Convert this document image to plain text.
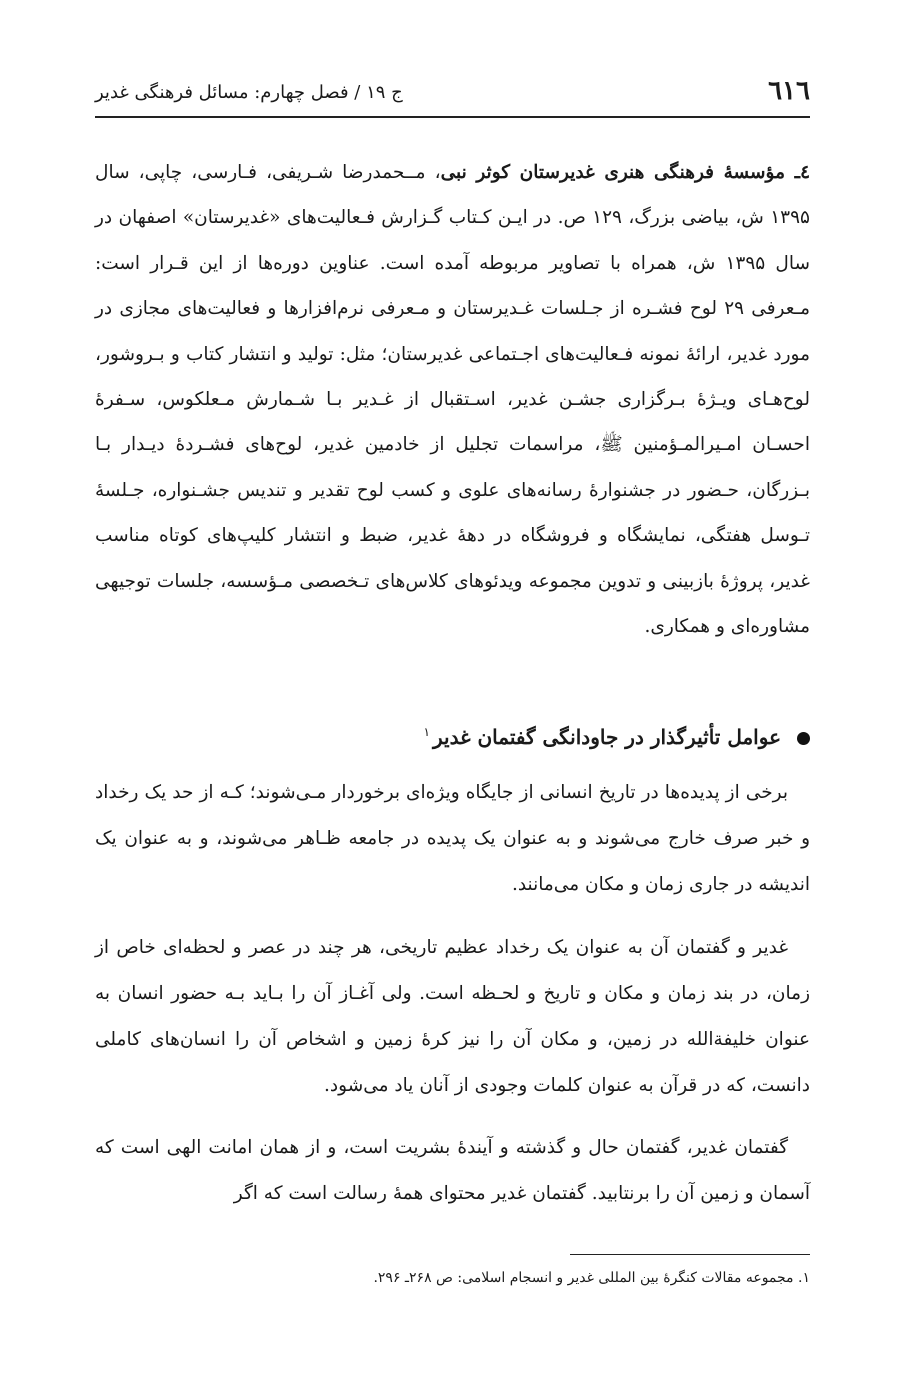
٦١٦
ج ۱۹ / فصل چهارم: مسائل فرهنگی غدیر

٤ـ مؤسسهٔ فرهنگی هنری غدیرستان کوثر نبی، مــحمدرضا شـریفی، فـارسی، چاپی، سال ۱۳۹۵ ش، بیاضی بزرگ، ۱۲۹ ص. در ایـن کـتاب گـزارش فـعالیت‌های «غدیرستان» اصفهان در سال ۱۳۹۵ ش، همراه با تصاویر مربوطه آمده است. عناوین دوره‌ها از این قـرار است: مـعرفی ۲۹ لوح فشـره از جـلسات غـدیرستان و مـعرفی نرم‌افزارها و فعالیت‌های مجازی در مورد غدیر، ارائهٔ نمونه فـعالیت‌های اجـتماعی غدیرستان؛ مثل: تولید و انتشار کتاب و بـروشور، لوح‌هـای ویـژهٔ بـرگزاری جشـن غدیر، اسـتقبال از غـدیر بـا شـمارش مـعلکوس، سـفرهٔ احسـان امـیرالمـؤمنین ﷺ، مراسمات تجلیل از خادمین غدیر، لوح‌های فشـردهٔ دیـدار بـا بـزرگان، حـضور در جشنوارهٔ رسانه‌های علوی و کسب لوح تقدیر و تندیس جشـنواره، جـلسهٔ تـوسل هفتگی، نمایشگاه و فروشگاه در دههٔ غدیر، ضبط و انتشار کلیپ‌های کوتاه مناسب غدیر، پروژهٔ بازبینی و تدوین مجموعه ویدئوهای کلاس‌های تـخصصی مـؤسسه، جلسات توجیهی مشاوره‌ای و همکاری.

عوامل تأثیرگذار در جاودانگی گفتمان غدیر$^١$

برخی از پدیده‌ها در تاریخ انسانی از جایگاه ویژه‌ای برخوردار مـی‌شوند؛ کـه از حد یک رخداد و خبر صرف خارج می‌شوند و به عنوان یک پدیده در جامعه ظـاهر می‌شوند، و به عنوان یک اندیشه در جاری زمان و مکان می‌مانند.

غدیر و گفتمان آن به عنوان یک رخداد عظیم تاریخی، هر چند در عصر و لحظه‌ای خاص از زمان، در بند زمان و مکان و تاریخ و لحـظه است. ولی آغـاز آن را بـاید بـه حضور انسان به عنوان خلیفةالله در زمین، و مکان آن را نیز کرهٔ زمین و اشخاص آن را انسان‌های کاملی دانست، که در قرآن به عنوان کلمات وجودی از آنان یاد می‌شود.

گفتمان غدیر، گفتمان حال و گذشته و آیندهٔ بشریت است، و از همان امانت الهی است که آسمان و زمین آن را برنتابید. گفتمان غدیر محتوای همهٔ رسالت است که اگر

۱. مجموعه مقالات کنگرهٔ بین المللی غدیر و انسجام اسلامی: ص ۲۶۸ـ ۲۹۶.
